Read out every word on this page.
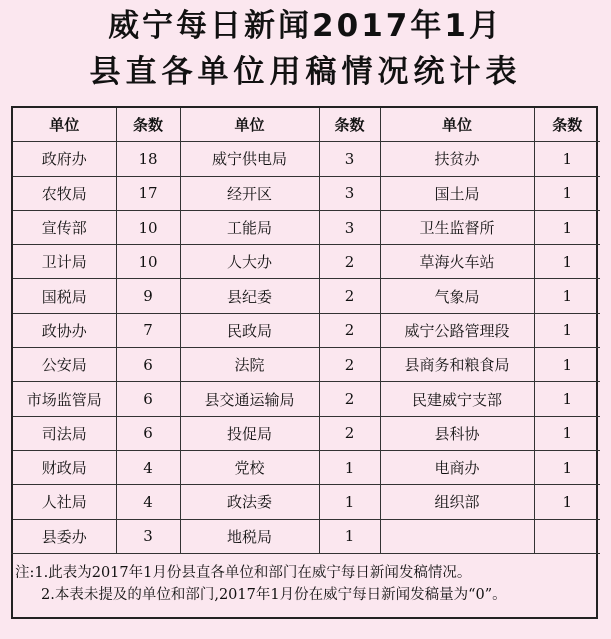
威宁每日新闻2017年1月
县直各单位用稿情况统计表
单位	条数	单位	条数	单位	条数
政府办	18	威宁供电局	3	扶贫办	1
农牧局	17	经开区	3	国土局	1
宣传部	10	工能局	3	卫生监督所	1
卫计局	10	人大办	2	草海火车站	1
国税局	9	县纪委	2	气象局	1
政协办	7	民政局	2	威宁公路管理段	1
公安局	6	法院	2	县商务和粮食局	1
市场监管局	6	县交通运输局	2	民建威宁支部	1
司法局	6	投促局	2	县科协	1
财政局	4	党校	1	电商办	1
人社局	4	政法委	1	组织部	1
县委办	3	地税局	1		
注:1.此表为2017年1月份县直各单位和部门在威宁每日新闻发稿情况。
2.本表未提及的单位和部门,2017年1月份在威宁每日新闻发稿量为“0”。
